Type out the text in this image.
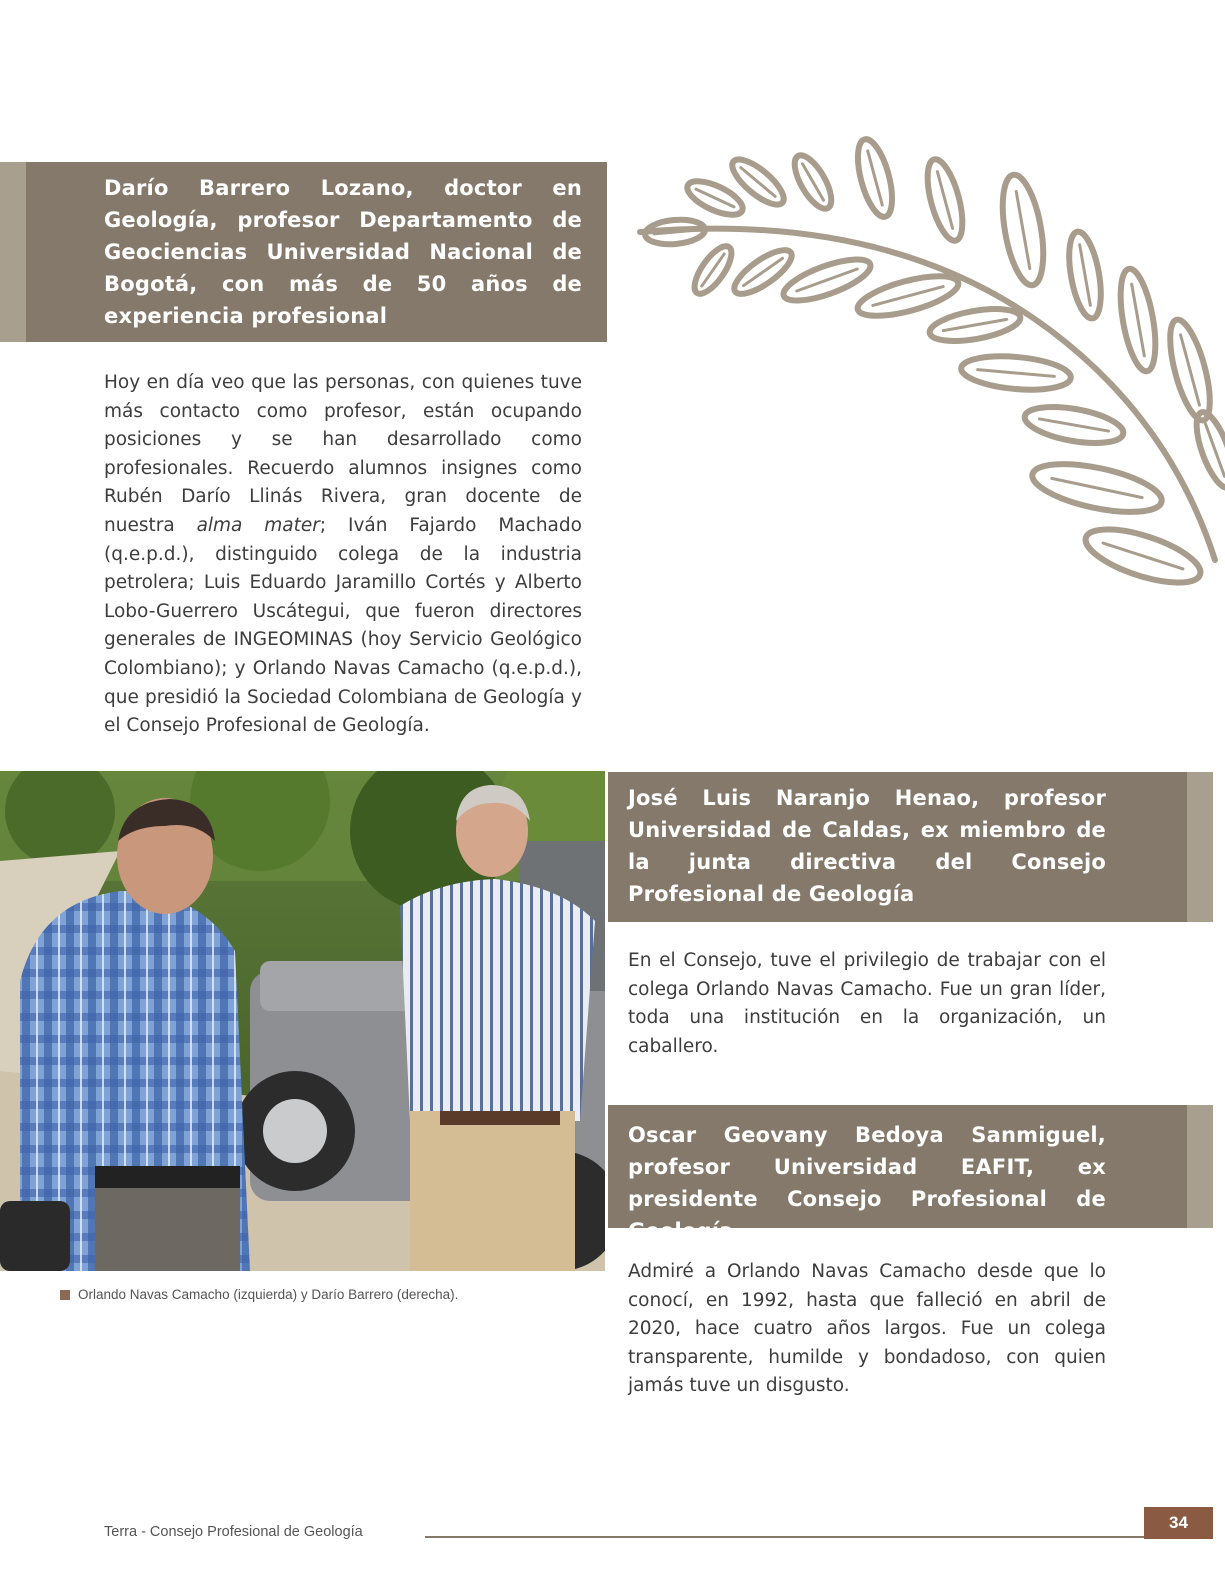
Darío Barrero Lozano, doctor en Geología, profesor Departamento de Geociencias Universidad Nacional de Bogotá, con más de 50 años de experiencia profesional

Hoy en día veo que las personas, con quienes tuve más contacto como profesor, están ocupando posiciones y se han desarrollado como profesionales. Recuerdo alumnos insignes como Rubén Darío Llinás Rivera, gran docente de nuestra alma mater; Iván Fajardo Machado (q.e.p.d.), distinguido colega de la industria petrolera; Luis Eduardo Jaramillo Cortés y Alberto Lobo-Guerrero Uscátegui, que fueron directores generales de INGEOMINAS (hoy Servicio Geológico Colombiano); y Orlando Navas Camacho (q.e.p.d.), que presidió la Sociedad Colombiana de Geología y el Consejo Profesional de Geología.

Orlando Navas Camacho (izquierda) y Darío Barrero (derecha).
José Luis Naranjo Henao, profesor Universidad de Caldas, ex miembro de la junta directiva del Consejo Profesional de Geología

En el Consejo, tuve el privilegio de trabajar con el colega Orlando Navas Camacho. Fue un gran líder, toda una institución en la organización, un caballero.

Oscar Geovany Bedoya Sanmiguel, profesor Universidad EAFIT, ex presidente Consejo Profesional de Geología

Admiré a Orlando Navas Camacho desde que lo conocí, en 1992, hasta que falleció en abril de 2020, hace cuatro años largos. Fue un colega transparente, humilde y bondadoso, con quien jamás tuve un disgusto.

Terra - Consejo Profesional de Geología	34
